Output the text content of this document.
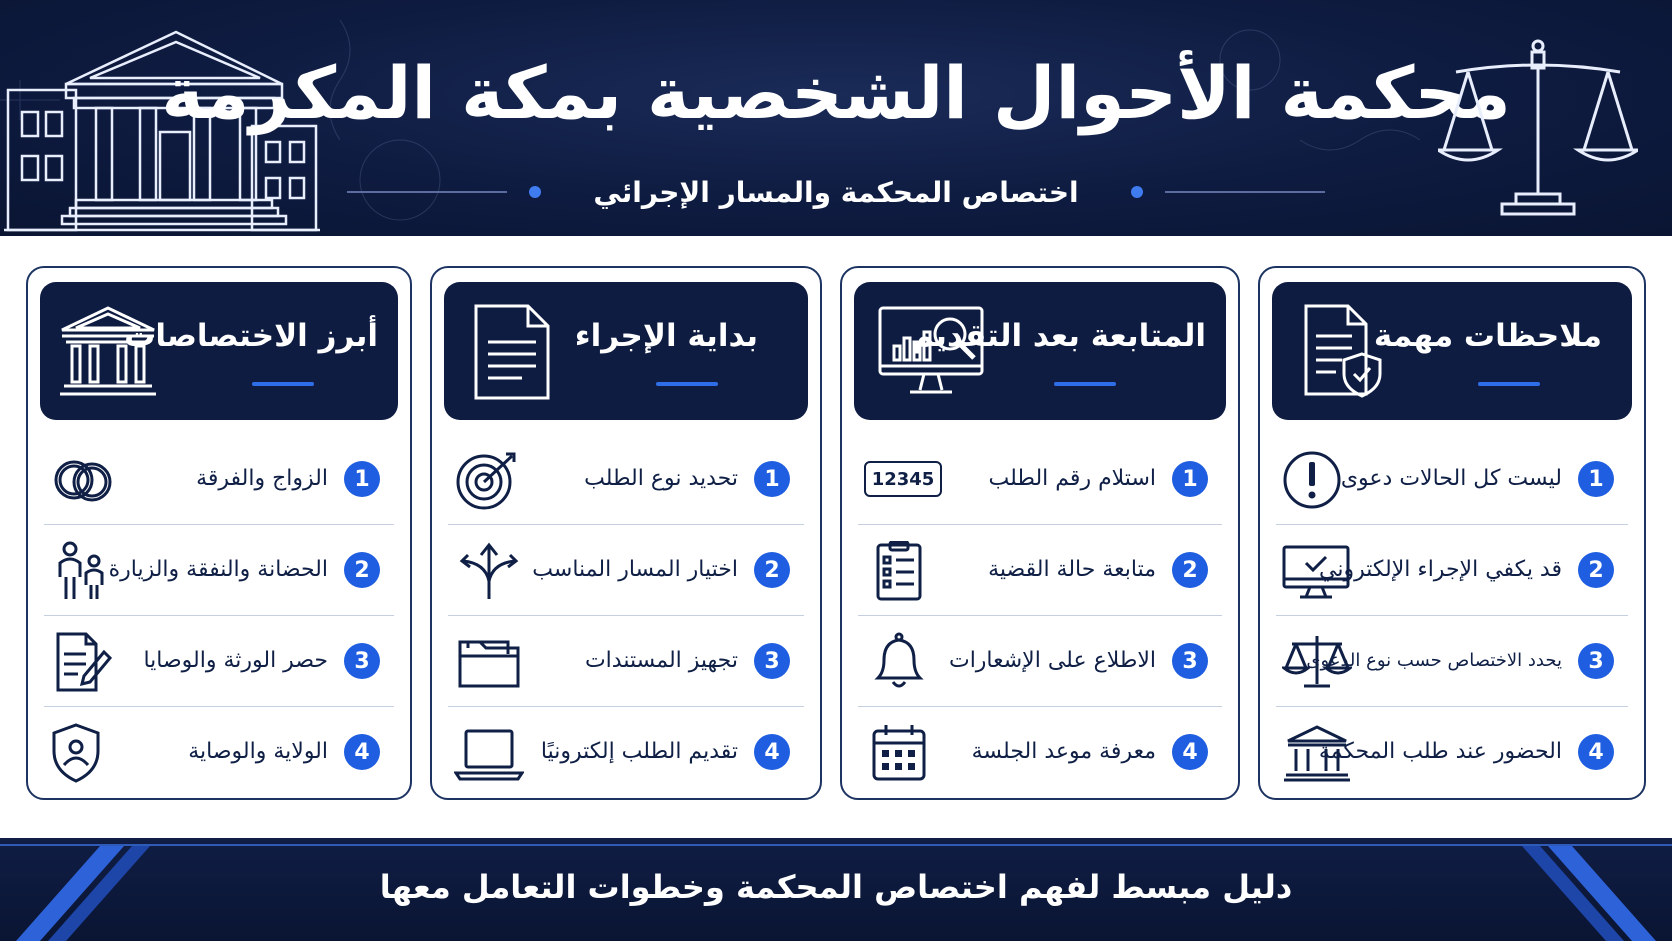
محكمة الأحوال الشخصية بمكة المكرمة
اختصاص المحكمة والمسار الإجرائي
ملاحظات مهمة
1
ليست كل الحالات دعوى
2
قد يكفي الإجراء الإلكتروني
3
يحدد الاختصاص حسب نوع الدعوى
4
الحضور عند طلب المحكمة
المتابعة بعد التقديم
1
استلام رقم الطلب
12345
2
متابعة حالة القضية
3
الاطلاع على الإشعارات
4
معرفة موعد الجلسة
بداية الإجراء
1
تحديد نوع الطلب
2
اختيار المسار المناسب
3
تجهيز المستندات
4
تقديم الطلب إلكترونيًا
أبرز الاختصاصات
1
الزواج والفرقة
2
الحضانة والنفقة والزيارة
3
حصر الورثة والوصايا
4
الولاية والوصاية
دليل مبسط لفهم اختصاص المحكمة وخطوات التعامل معها
